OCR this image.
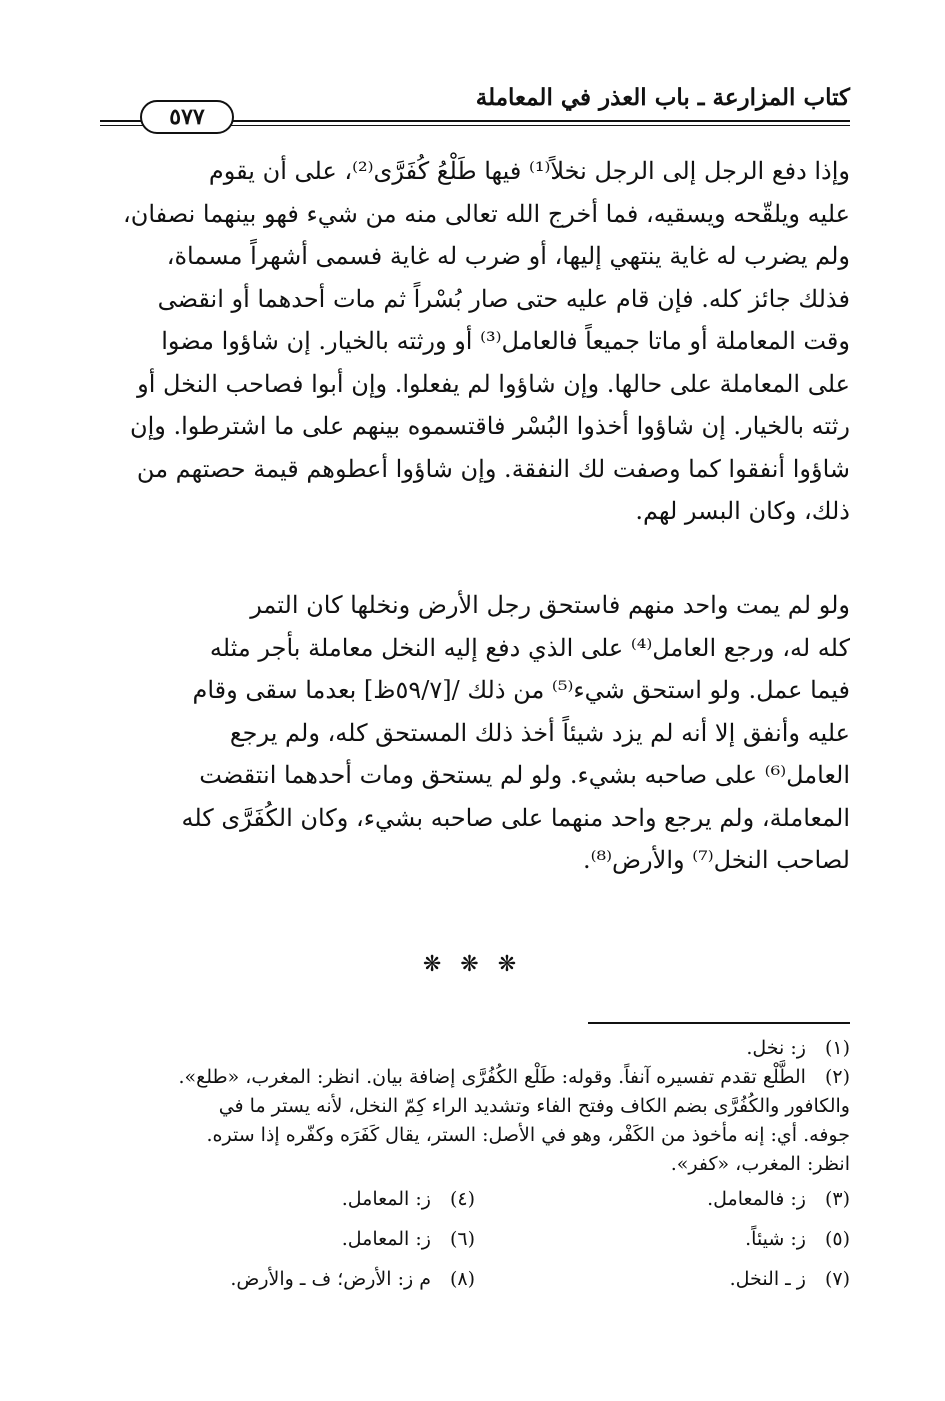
كتاب المزارعة ـ باب العذر في المعاملة
٥٧٧
وإذا دفع الرجل إلى الرجل نخلاً⁽¹⁾ فيها طَلْعُ كُفَرَّى⁽²⁾، على أن يقوم
عليه ويلقّحه ويسقيه، فما أخرج الله تعالى منه من شيء فهو بينهما نصفان،
ولم يضرب له غاية ينتهي إليها، أو ضرب له غاية فسمى أشهراً مسماة،
فذلك جائز كله. فإن قام عليه حتى صار بُسْراً ثم مات أحدهما أو انقضى
وقت المعاملة أو ماتا جميعاً فالعامل⁽³⁾ أو ورثته بالخيار. إن شاؤوا مضوا
على المعاملة على حالها. وإن شاؤوا لم يفعلوا. وإن أبوا فصاحب النخل أو
رثته بالخيار. إن شاؤوا أخذوا البُسْر فاقتسموه بينهم على ما اشترطوا. وإن
شاؤوا أنفقوا كما وصفت لك النفقة. وإن شاؤوا أعطوهم قيمة حصتهم من
ذلك، وكان البسر لهم.
ولو لم يمت واحد منهم فاستحق رجل الأرض ونخلها كان التمر
كله له، ورجع العامل⁽⁴⁾ على الذي دفع إليه النخل معاملة بأجر مثله
فيما عمل. ولو استحق شيء⁽⁵⁾ من ذلك /[٥٩/٧ظ] بعدما سقى وقام
عليه وأنفق إلا أنه لم يزد شيئاً أخذ ذلك المستحق كله، ولم يرجع
العامل⁽⁶⁾ على صاحبه بشيء. ولو لم يستحق ومات أحدهما انتقضت
المعاملة، ولم يرجع واحد منهما على صاحبه بشيء، وكان الكُفَرَّى كله
لصاحب النخل⁽⁷⁾ والأرض⁽⁸⁾.
❋ ❋ ❋
(١) ز: نخل.
(٢) الطَّلْع تقدم تفسيره آنفاً. وقوله: طَلْع الكُفُرَّى إضافة بيان. انظر: المغرب، «طلع».
والكافور والكُفُرَّى بضم الكاف وفتح الفاء وتشديد الراء كِمّ النخل، لأنه يستر ما في
جوفه. أي: إنه مأخوذ من الكَفْر، وهو في الأصل: الستر، يقال كَفَرَه وكفّره إذا ستره.
انظر: المغرب، «كفر».
(٣) ز: فالمعامل.
(٤) ز: المعامل.
(٥) ز: شيئاً.
(٦) ز: المعامل.
(٧) ز ـ النخل.
(٨) م ز: الأرض؛ ف ـ والأرض.
